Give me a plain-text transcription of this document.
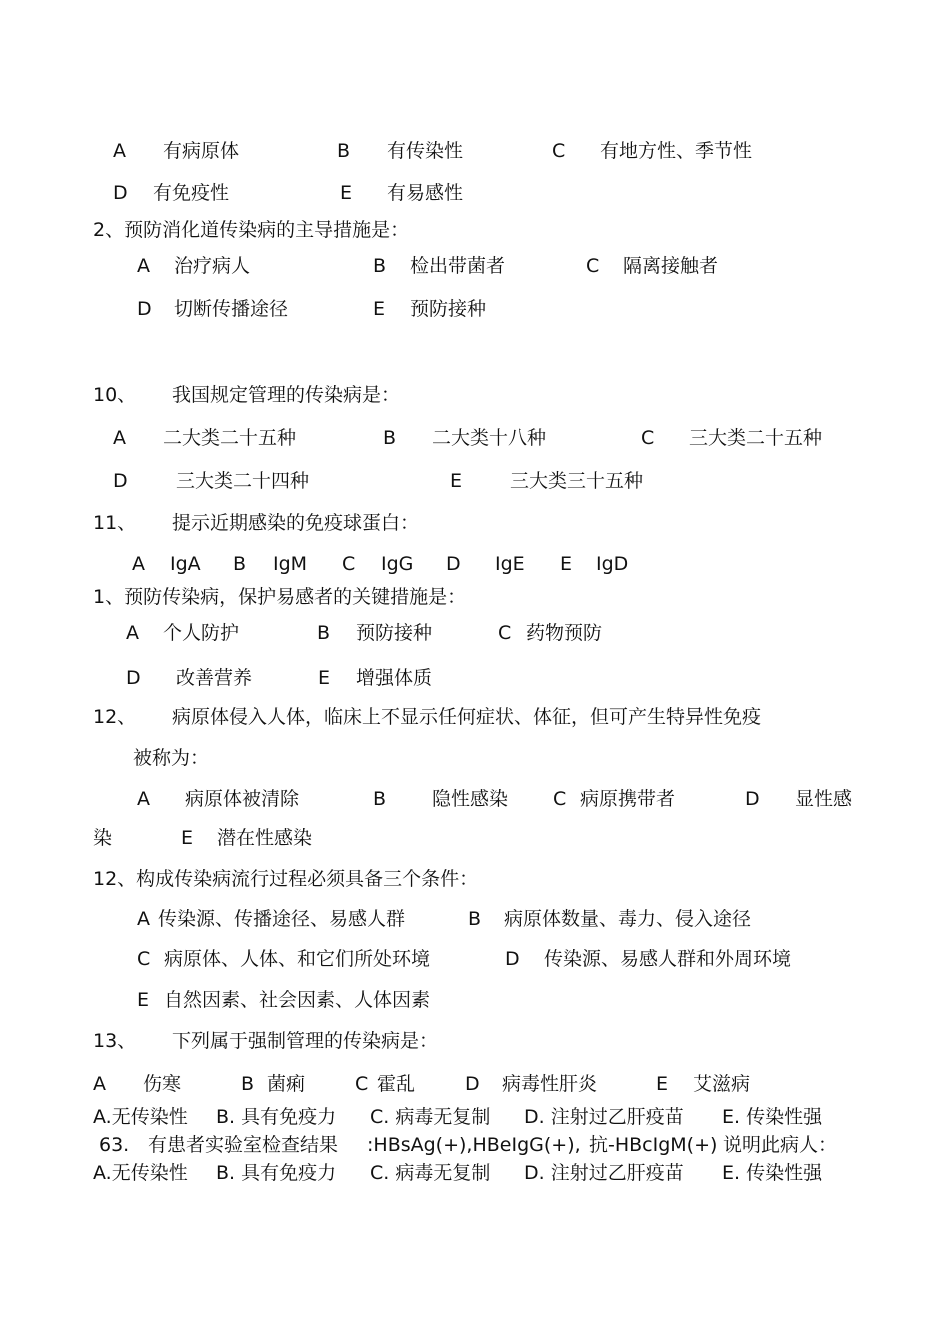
A 有病原体	B 有传染性	C 有地方性、季节性
D 有免疫性	E 有易感性
2、预防消化道传染病的主导措施是：
A 治疗病人	B 检出带菌者	C 隔离接触者
D 切断传播途径	E 预防接种
10、 我国规定管理的传染病是：
A 二大类二十五种	B 二大类十八种	C 三大类二十五种
D	三大类二十四种	E	三大类三十五种
11、 提示近期感染的免疫球蛋白：
A IgA B IgM C IgG D IgE E IgD
1、预防传染病，保护易感者的关键措施是：
A 个人防护	B 预防接种	C 药物预防
D 改善营养	E 增强体质
12、 病原体侵入人体，临床上不显示任何症状、体征，但可产生特异性免疫
被称为：
A 病原体被清除	B 隐性感染 C 病原携带者	D 显性感
染	E 潜在性感染
12、构成传染病流行过程必须具备三个条件：
A 传染源、传播途径、易感人群	B 病原体数量、毒力、侵入途径
C 病原体、人体、和它们所处环境	D 传染源、易感人群和外周环境
E 自然因素、社会因素、人体因素
13、 下列属于强制管理的传染病是：
A 伤寒	B 菌痢	C 霍乱	D 病毒性肝炎	E 艾滋病
A.无传染性 B. 具有免疫力 C. 病毒无复制 D. 注射过乙肝疫苗 E. 传染性强
63. 有患者实验室检查结果 :HBsAg(+),HBeIgG(+), 抗-HBcIgM(+) 说明此病人：
A.无传染性 B. 具有免疫力 C. 病毒无复制 D. 注射过乙肝疫苗 E. 传染性强
